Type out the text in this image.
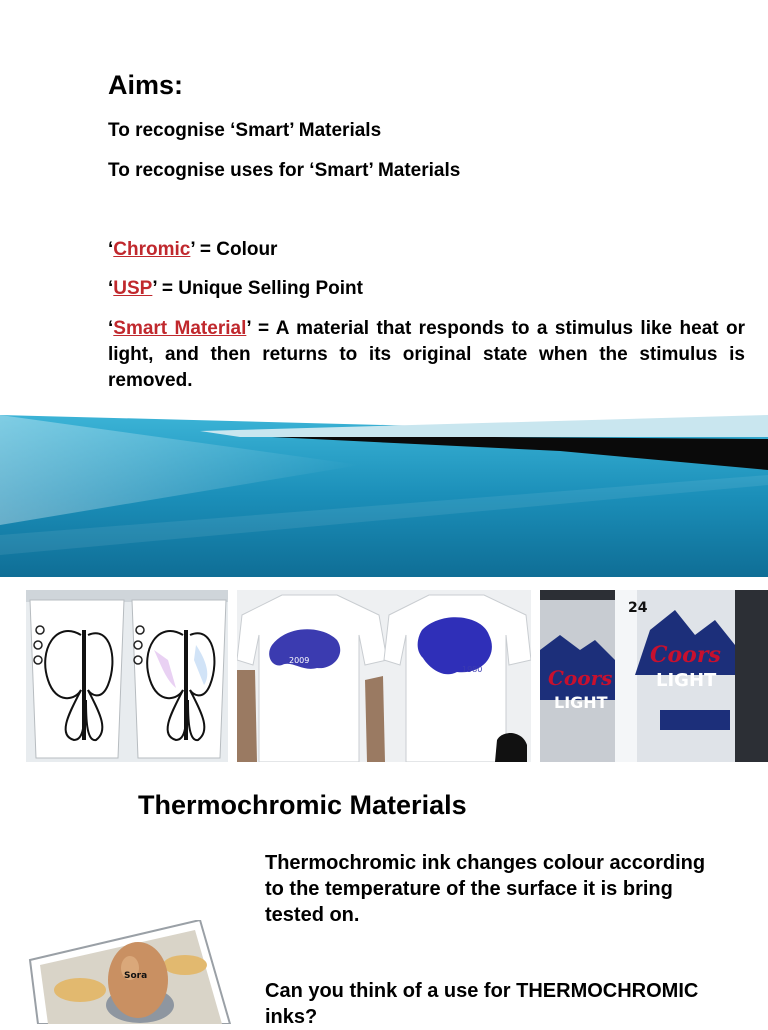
Aims:
To recognise ‘Smart’ Materials
To recognise uses for ‘Smart’ Materials
‘Chromic’ = Colour
‘USP’ = Unique Selling Point
‘Smart Material’ = A material that responds to a stimulus like heat or light, and then returns to its original state when the stimulus is removed.
2009
1980	Coors
Coors
LIGHT
LIGHT
24
Thermochromic Materials
Sora
Thermochromic ink changes colour according to the temperature of the surface it is bring tested on.
Can you think of a use for THERMOCHROMIC inks?
